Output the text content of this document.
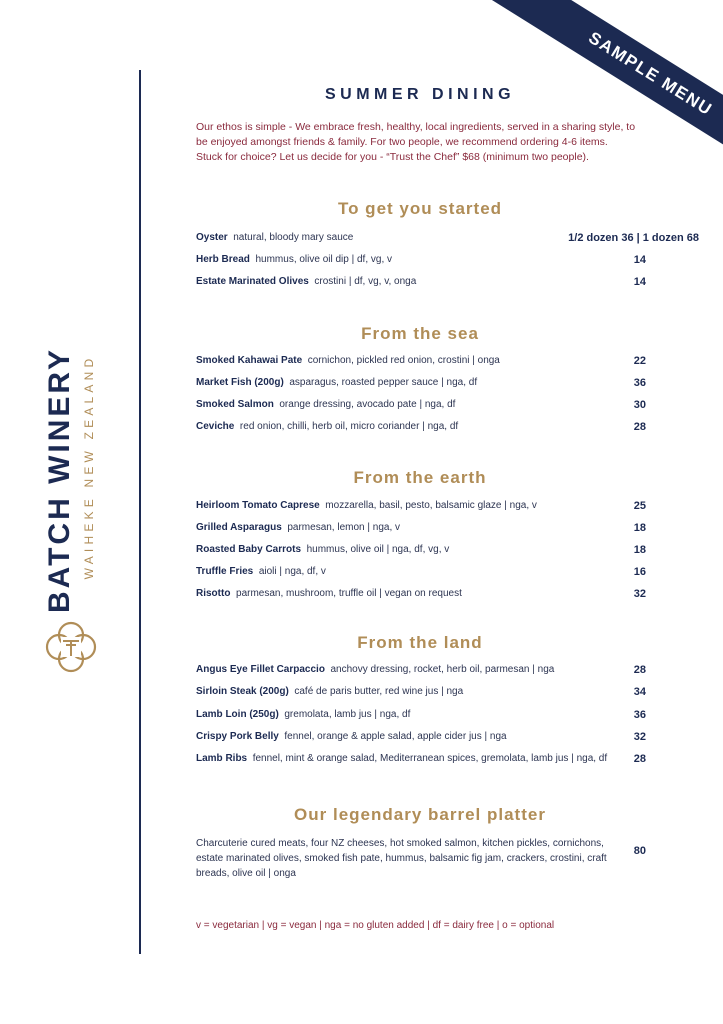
SAMPLE MENU
BATCH WINERY WAIHEKE NEW ZEALAND
SUMMER DINING

Our ethos is simple - We embrace fresh, healthy, local ingredients, served in a sharing style, to

be enjoyed amongst friends & family. For two people, we recommend ordering 4-6 items.

Stuck for choice? Let us decide for you - “Trust the Chef” $68 (minimum two people).

To get you started
Oyster natural, bloody mary sauce	1/2 dozen 36 | 1 dozen 68
Herb Bread hummus, olive oil dip | df, vg, v	14
Estate Marinated Olives crostini | df, vg, v, onga	14
From the sea
Smoked Kahawai Pate cornichon, pickled red onion, crostini | onga	22
Market Fish (200g) asparagus, roasted pepper sauce | nga, df	36
Smoked Salmon orange dressing, avocado pate | nga, df	30
Ceviche red onion, chilli, herb oil, micro coriander | nga, df	28
From the earth
Heirloom Tomato Caprese mozzarella, basil, pesto, balsamic glaze | nga, v	25
Grilled Asparagus parmesan, lemon | nga, v	18
Roasted Baby Carrots hummus, olive oil | nga, df, vg, v	18
Truffle Fries aioli | nga, df, v	16
Risotto parmesan, mushroom, truffle oil | vegan on request	32
From the land
Angus Eye Fillet Carpaccio anchovy dressing, rocket, herb oil, parmesan | nga	28
Sirloin Steak (200g) café de paris butter, red wine jus | nga	34
Lamb Loin (250g) gremolata, lamb jus | nga, df	36
Crispy Pork Belly fennel, orange & apple salad, apple cider jus | nga	32
Lamb Ribs fennel, mint & orange salad, Mediterranean spices, gremolata, lamb jus | nga, df	28
Our legendary barrel platter
Charcuterie cured meats, four NZ cheeses, hot smoked salmon, kitchen pickles, cornichons,
estate marinated olives, smoked fish pate, hummus, balsamic fig jam, crackers, crostini, craft
breads, olive oil | onga
80
v = vegetarian | vg = vegan | nga = no gluten added | df = dairy free | o = optional
